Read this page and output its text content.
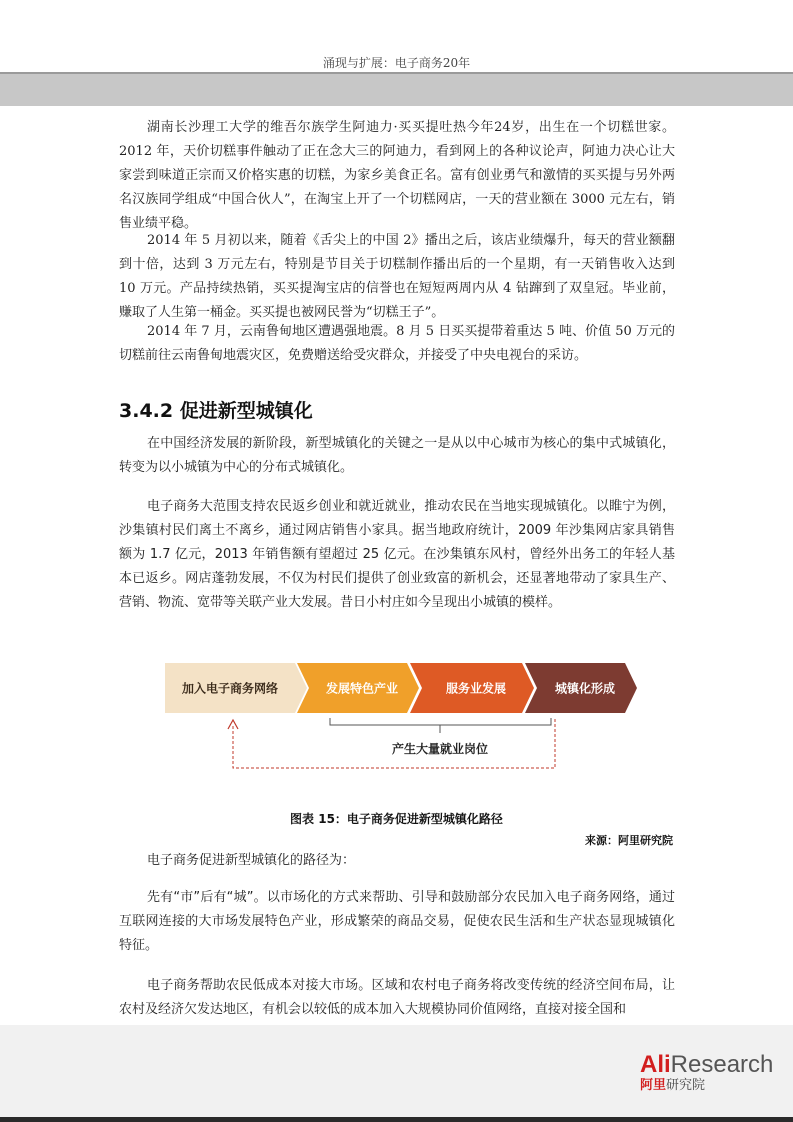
涌现与扩展：电子商务20年

湖南长沙理工大学的维吾尔族学生阿迪力·买买提吐热今年24岁，出生在一个切糕世家。2012 年，天价切糕事件触动了正在念大三的阿迪力，看到网上的各种议论声，阿迪力决心让大家尝到味道正宗而又价格实惠的切糕，为家乡美食正名。富有创业勇气和激情的买买提与另外两名汉族同学组成“中国合伙人”，在淘宝上开了一个切糕网店，一天的营业额在 3000 元左右，销售业绩平稳。

2014 年 5 月初以来，随着《舌尖上的中国 2》播出之后，该店业绩爆升，每天的营业额翻到十倍，达到 3 万元左右，特别是节目关于切糕制作播出后的一个星期，有一天销售收入达到 10 万元。产品持续热销，买买提淘宝店的信誉也在短短两周内从 4 钻蹿到了双皇冠。毕业前，赚取了人生第一桶金。买买提也被网民誉为“切糕王子”。

2014 年 7 月，云南鲁甸地区遭遇强地震。8 月 5 日买买提带着重达 5 吨、价值 50 万元的切糕前往云南鲁甸地震灾区，免费赠送给受灾群众，并接受了中央电视台的采访。

3.4.2 促进新型城镇化

在中国经济发展的新阶段，新型城镇化的关键之一是从以中心城市为核心的集中式城镇化，转变为以小城镇为中心的分布式城镇化。

电子商务大范围支持农民返乡创业和就近就业，推动农民在当地实现城镇化。以睢宁为例，沙集镇村民们离土不离乡，通过网店销售小家具。据当地政府统计，2009 年沙集网店家具销售额为 1.7 亿元，2013 年销售额有望超过 25 亿元。在沙集镇东风村，曾经外出务工的年轻人基本已返乡。网店蓬勃发展，不仅为村民们提供了创业致富的新机会，还显著地带动了家具生产、营销、物流、宽带等关联产业大发展。昔日小村庄如今呈现出小城镇的模样。

加入电子商务网络	发展特色产业	服务业发展	城镇化形成
产生大量就业岗位
图表 15：电子商务促进新型城镇化路径
来源：阿里研究院

电子商务促进新型城镇化的路径为：

先有“市”后有“城”。以市场化的方式来帮助、引导和鼓励部分农民加入电子商务网络，通过互联网连接的大市场发展特色产业，形成繁荣的商品交易，促使农民生活和生产状态显现城镇化特征。

电子商务帮助农民低成本对接大市场。区域和农村电子商务将改变传统的经济空间布局，让农村及经济欠发达地区，有机会以较低的成本加入大规模协同价值网络，直接对接全国和

AliResearch
阿里研究院
